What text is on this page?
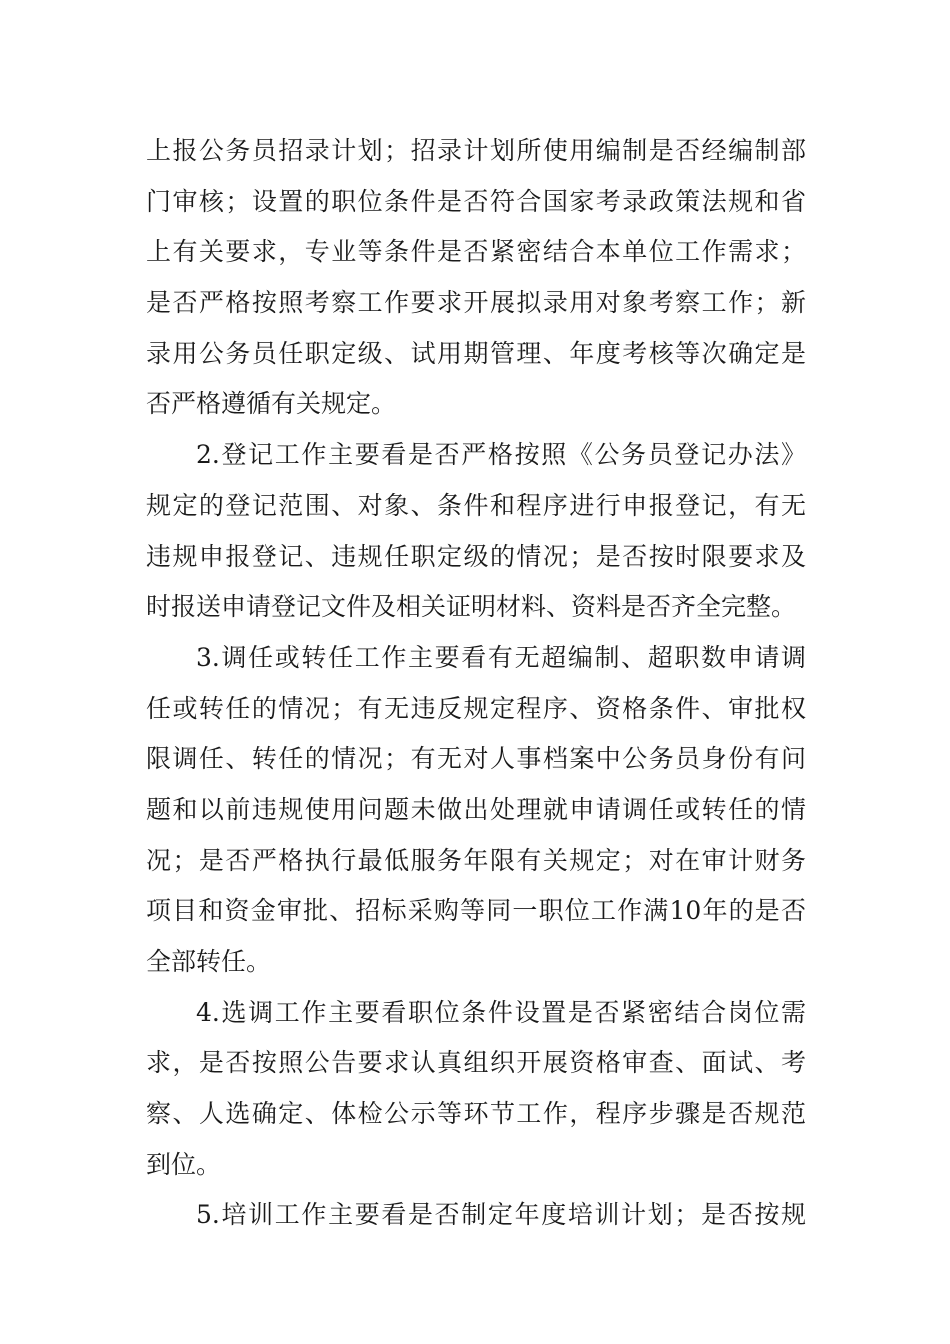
上报公务员招录计划；招录计划所使用编制是否经编制部
门审核；设置的职位条件是否符合国家考录政策法规和省
上有关要求，专业等条件是否紧密结合本单位工作需求；
是否严格按照考察工作要求开展拟录用对象考察工作；新
录用公务员任职定级、试用期管理、年度考核等次确定是
否严格遵循有关规定。
2.登记工作主要看是否严格按照《公务员登记办法》
规定的登记范围、对象、条件和程序进行申报登记，有无
违规申报登记、违规任职定级的情况；是否按时限要求及
时报送申请登记文件及相关证明材料、资料是否齐全完整。
3.调任或转任工作主要看有无超编制、超职数申请调
任或转任的情况；有无违反规定程序、资格条件、审批权
限调任、转任的情况；有无对人事档案中公务员身份有问
题和以前违规使用问题未做出处理就申请调任或转任的情
况；是否严格执行最低服务年限有关规定；对在审计财务
项目和资金审批、招标采购等同一职位工作满10年的是否
全部转任。
4.选调工作主要看职位条件设置是否紧密结合岗位需
求，是否按照公告要求认真组织开展资格审查、面试、考
察、人选确定、体检公示等环节工作，程序步骤是否规范
到位。
5.培训工作主要看是否制定年度培训计划；是否按规
